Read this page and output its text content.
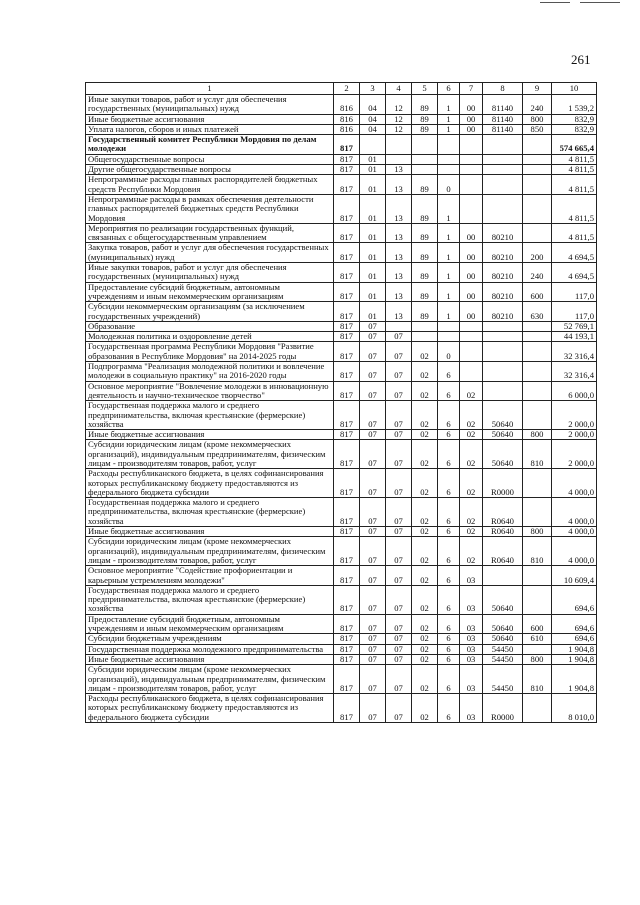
261
1	2	3	4	5	6	7	8	9	10
Иные закупки товаров, работ и услуг для обеспечения государственных (муниципальных) нужд	816	04	12	89	1	00	81140	240	1 539,2
Иные бюджетные ассигнования	816	04	12	89	1	00	81140	800	832,9
Уплата налогов, сборов и иных платежей	816	04	12	89	1	00	81140	850	832,9
Государственный комитет Республики Мордовия по делам молодежи	817								574 665,4
Общегосударственные вопросы	817	01							4 811,5
Другие общегосударственные вопросы	817	01	13						4 811,5
Непрограммные расходы главных распорядителей бюджетных средств Республики Мордовия	817	01	13	89	0				4 811,5
Непрограммные расходы в рамках обеспечения деятельности главных распорядителей бюджетных средств Республики Мордовия	817	01	13	89	1				4 811,5
Мероприятия по реализации государственных функций, связанных с общегосударственным управлением	817	01	13	89	1	00	80210		4 811,5
Закупка товаров, работ и услуг для обеспечения государственных (муниципальных) нужд	817	01	13	89	1	00	80210	200	4 694,5
Иные закупки товаров, работ и услуг для обеспечения государственных (муниципальных) нужд	817	01	13	89	1	00	80210	240	4 694,5
Предоставление субсидий бюджетным, автономным учреждениям и иным некоммерческим организациям	817	01	13	89	1	00	80210	600	117,0
Субсидии некоммерческим организациям (за исключением государственных учреждений)	817	01	13	89	1	00	80210	630	117,0
Образование	817	07							52 769,1
Молодежная политика и оздоровление детей	817	07	07						44 193,1
Государственная программа Республики Мордовия "Развитие образования в Республике Мордовия" на 2014-2025 годы	817	07	07	02	0				32 316,4
Подпрограмма "Реализация молодежной политики и вовлечение молодежи в социальную практику" на 2016-2020 годы	817	07	07	02	6				32 316,4
Основное мероприятие "Вовлечение молодежи в инновационную деятельность и научно-техническое творчество"	817	07	07	02	6	02			6 000,0
Государственная поддержка малого и среднего предпринимательства, включая крестьянские (фермерские) хозяйства	817	07	07	02	6	02	50640		2 000,0
Иные бюджетные ассигнования	817	07	07	02	6	02	50640	800	2 000,0
Субсидии юридическим лицам (кроме некоммерческих организаций), индивидуальным предпринимателям, физическим лицам - производителям товаров, работ, услуг	817	07	07	02	6	02	50640	810	2 000,0
Расходы республиканского бюджета, в целях софинансирования которых республиканскому бюджету предоставляются из федерального бюджета субсидии	817	07	07	02	6	02	R0000		4 000,0
Государственная поддержка малого и среднего предпринимательства, включая крестьянские (фермерские) хозяйства	817	07	07	02	6	02	R0640		4 000,0
Иные бюджетные ассигнования	817	07	07	02	6	02	R0640	800	4 000,0
Субсидии юридическим лицам (кроме некоммерческих организаций), индивидуальным предпринимателям, физическим лицам - производителям товаров, работ, услуг	817	07	07	02	6	02	R0640	810	4 000,0
Основное мероприятие "Содействие профориентации и карьерным устремлениям молодежи"	817	07	07	02	6	03			10 609,4
Государственная поддержка малого и среднего предпринимательства, включая крестьянские (фермерские) хозяйства	817	07	07	02	6	03	50640		694,6
Предоставление субсидий бюджетным, автономным учреждениям и иным некоммерческим организациям	817	07	07	02	6	03	50640	600	694,6
Субсидии бюджетным учреждениям	817	07	07	02	6	03	50640	610	694,6
Государственная поддержка молодежного предпринимательства	817	07	07	02	6	03	54450		1 904,8
Иные бюджетные ассигнования	817	07	07	02	6	03	54450	800	1 904,8
Субсидии юридическим лицам (кроме некоммерческих организаций), индивидуальным предпринимателям, физическим лицам - производителям товаров, работ, услуг	817	07	07	02	6	03	54450	810	1 904,8
Расходы республиканского бюджета, в целях софинансирования которых республиканскому бюджету предоставляются из федерального бюджета субсидии	817	07	07	02	6	03	R0000		8 010,0
